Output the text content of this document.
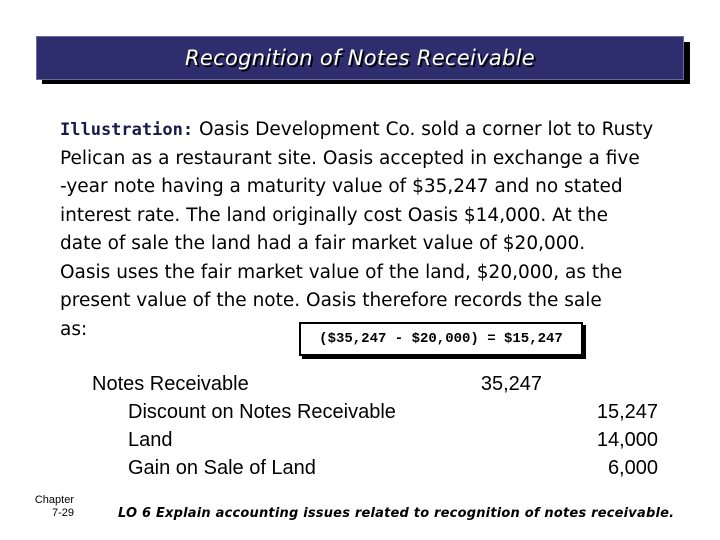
Recognition of Notes Receivable
Illustration: Oasis Development Co. sold a corner lot to Rusty
Pelican as a restaurant site. Oasis accepted in exchange a five
-year note having a maturity value of $35,247 and no stated
interest rate. The land originally cost Oasis $14,000. At the
date of sale the land had a fair market value of $20,000.
Oasis uses the fair market value of the land, $20,000, as the
present value of the note. Oasis therefore records the sale
as:	($35,247 - $20,000) = $15,247
Notes Receivable	35,247
Discount on Notes Receivable	15,247
Land	14,000
Gain on Sale of Land	6,000
Chapter
7-29	LO 6 Explain accounting issues related to recognition of notes receivable.
